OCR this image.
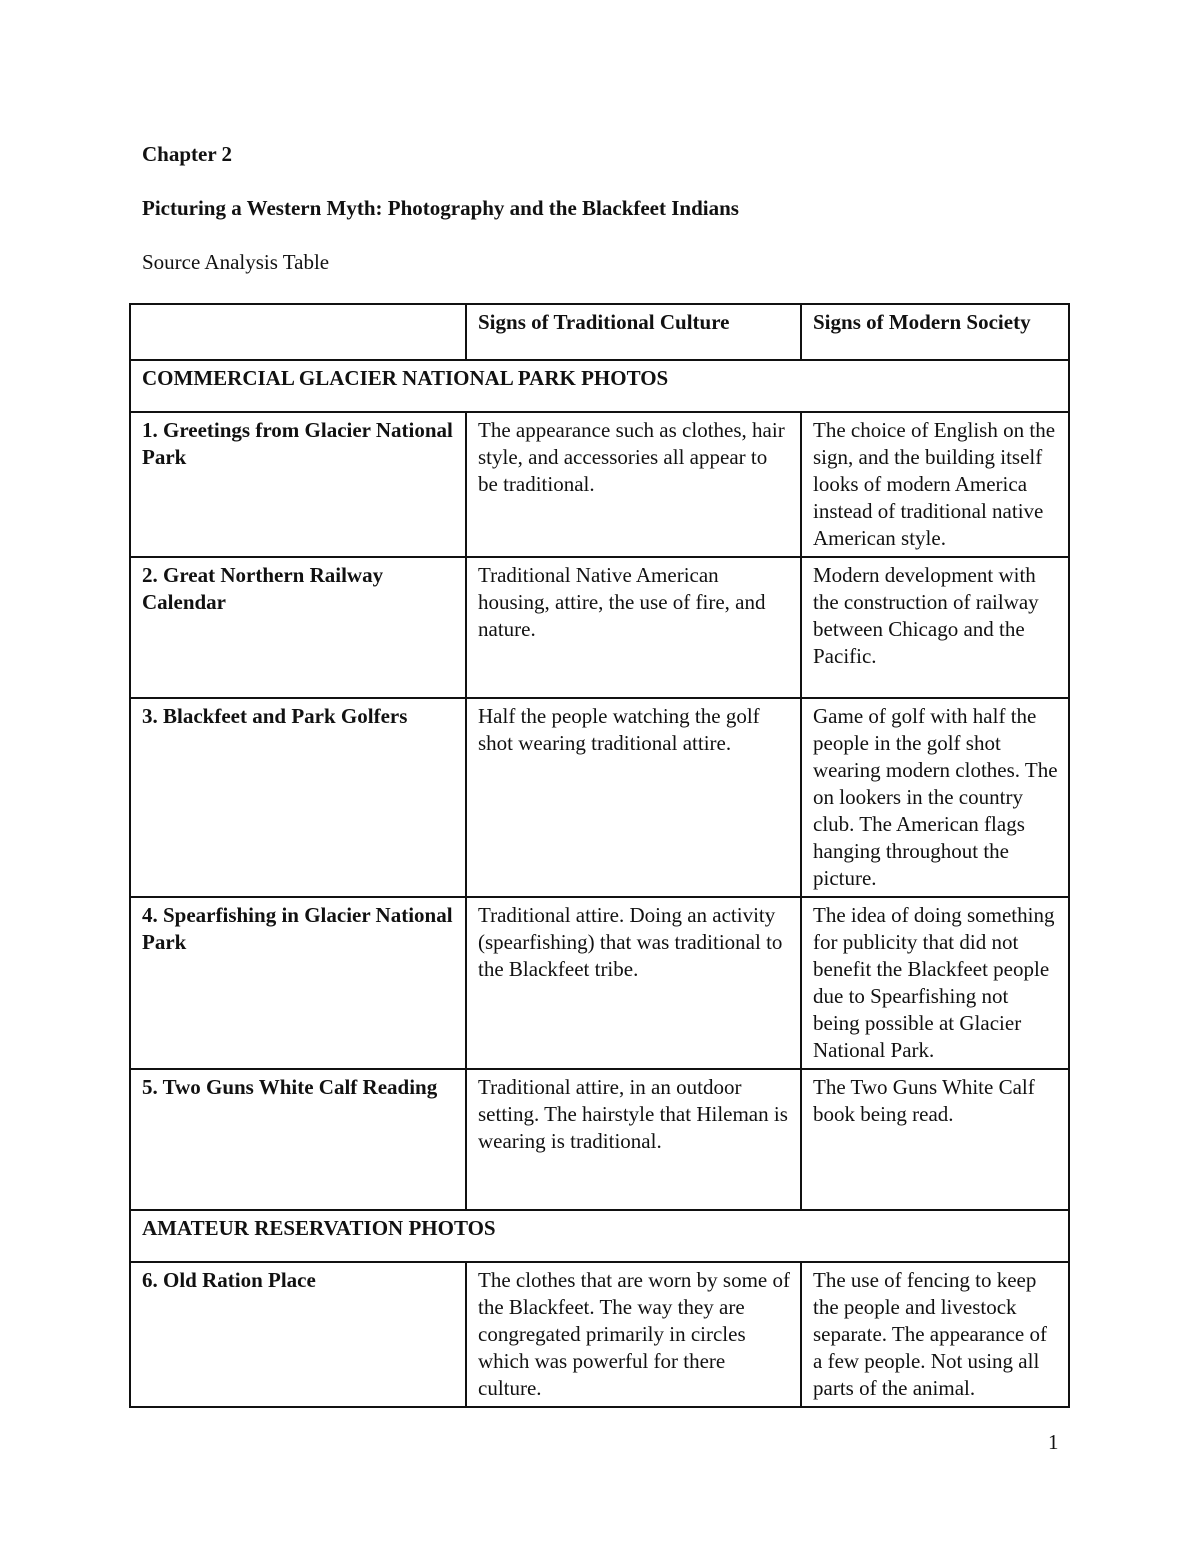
Chapter 2
Picturing a Western Myth: Photography and the Blackfeet Indians
Source Analysis Table
	Signs of Traditional Culture	Signs of Modern Society
COMMERCIAL GLACIER NATIONAL PARK PHOTOS		
1. Greetings from Glacier National Park	The appearance such as clothes, hair style, and accessories all appear to be traditional.	The choice of English on the sign, and the building itself looks of modern America instead of traditional native American style.
2. Great Northern Railway Calendar	Traditional Native American housing, attire, the use of fire, and nature.	Modern development with the construction of railway between Chicago and the Pacific.
3. Blackfeet and Park Golfers	Half the people watching the golf shot wearing traditional attire.	Game of golf with half the people in the golf shot wearing modern clothes. The on lookers in the country club. The American flags hanging throughout the picture.
4. Spearfishing in Glacier National Park	Traditional attire. Doing an activity (spearfishing) that was traditional to the Blackfeet tribe.	The idea of doing something for publicity that did not benefit the Blackfeet people due to Spearfishing not being possible at Glacier National Park.
5. Two Guns White Calf Reading	Traditional attire, in an outdoor setting. The hairstyle that Hileman is wearing is traditional.	The Two Guns White Calf book being read.
AMATEUR RESERVATION PHOTOS		
6. Old Ration Place	The clothes that are worn by some of the Blackfeet. The way they are congregated primarily in circles which was powerful for there culture.	The use of fencing to keep the people and livestock separate. The appearance of a few people. Not using all parts of the animal.
1
